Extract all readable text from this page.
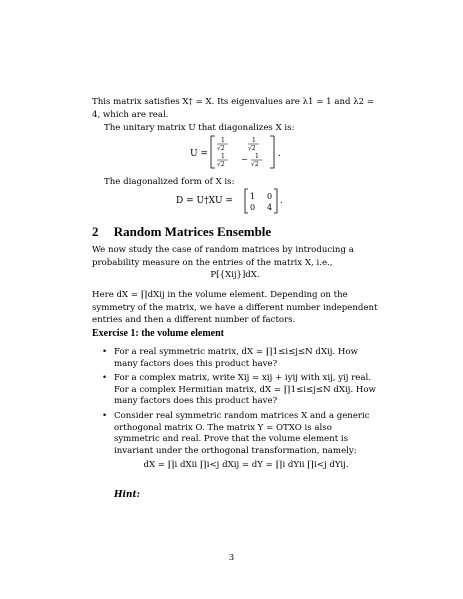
This matrix satisfies X† = X. Its eigenvalues are λ1 = 1 and λ2 = 4, which are real.
The unitary matrix U that diagonalizes X is:
U =
1
√2
1
√2
1
√2
− 1
√2
.
The diagonalized form of X is:
D = U†XU = 1 0
0 4
.
2 Random Matrices Ensemble
We now study the case of random matrices by introducing a probability measure on the entries of the matrix X, i.e.,
P[{Xij}]dX.
Here dX = ∏dXij in the volume element. Depending on the symmetry of the matrix, we have a different number independent entries and then a different number of factors.
Exercise 1: the volume element
• For a real symmetric matrix, dX = ∏1≤i≤j≤N dXij. How many factors does this product have?
• For a complex matrix, write Xij = xij + iyij with xij, yij real. For a complex Hermitian matrix, dX = ∏1≤i≤j≤N dXij. How many factors does this product have?
• Consider real symmetric random matrices X and a generic orthogonal matrix O. The matrix Y = OTXO is also symmetric and real. Prove that the volume element is invariant under the orthogonal transformation, namely:
dX = ∏i dXii ∏i<j dXij = dY = ∏i dYii ∏i<j dYij.
Hint:
3
